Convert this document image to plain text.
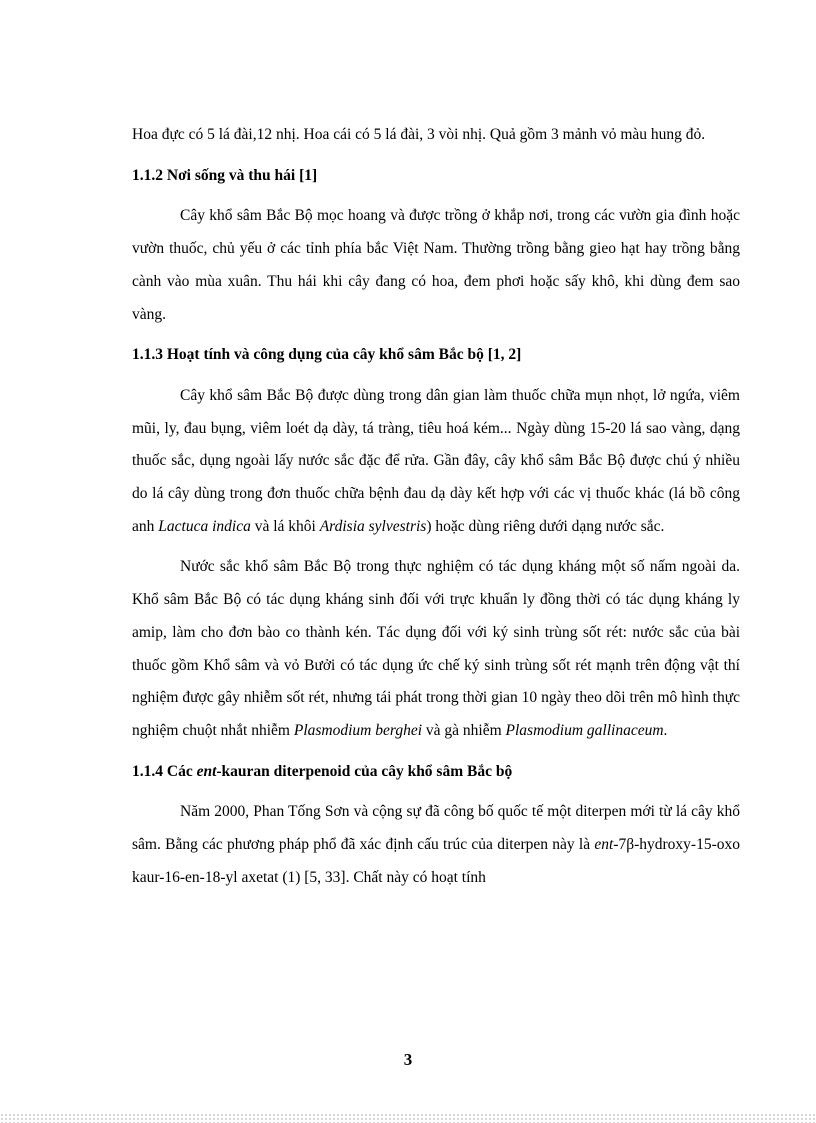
Hoa đực có 5 lá đài,12 nhị. Hoa cái có 5 lá đài, 3 vòi nhị. Quả gồm 3 mảnh vỏ màu hung đỏ.

1.1.2 Nơi sống và thu hái [1]

Cây khổ sâm Bắc Bộ mọc hoang và được trồng ở khắp nơi, trong các vườn gia đình hoặc vườn thuốc, chủ yếu ở các tỉnh phía bắc Việt Nam. Thường trồng bằng gieo hạt hay trồng bằng cành vào mùa xuân. Thu hái khi cây đang có hoa, đem phơi hoặc sấy khô, khi dùng đem sao vàng.

1.1.3 Hoạt tính và công dụng của cây khổ sâm Bắc bộ [1, 2]

Cây khổ sâm Bắc Bộ được dùng trong dân gian làm thuốc chữa mụn nhọt, lở ngứa, viêm mũi, ly, đau bụng, viêm loét dạ dày, tá tràng, tiêu hoá kém... Ngày dùng 15-20 lá sao vàng, dạng thuốc sắc, dụng ngoài lấy nước sắc đặc để rửa. Gần đây, cây khổ sâm Bắc Bộ được chú ý nhiều do lá cây dùng trong đơn thuốc chữa bệnh đau dạ dày kết hợp với các vị thuốc khác (lá bồ công anh Lactuca indica và lá khôi Ardisia sylvestris) hoặc dùng riêng dưới dạng nước sắc.

Nước sắc khổ sâm Bắc Bộ trong thực nghiệm có tác dụng kháng một số nấm ngoài da. Khổ sâm Bắc Bộ có tác dụng kháng sinh đối với trực khuẩn ly đồng thời có tác dụng kháng ly amip, làm cho đơn bào co thành kén. Tác dụng đối với ký sinh trùng sốt rét: nước sắc của bài thuốc gồm Khổ sâm và vỏ Bưởi có tác dụng ức chế ký sinh trùng sốt rét mạnh trên động vật thí nghiệm được gây nhiễm sốt rét, nhưng tái phát trong thời gian 10 ngày theo dõi trên mô hình thực nghiệm chuột nhắt nhiễm Plasmodium berghei và gà nhiễm Plasmodium gallinaceum.

1.1.4 Các ent-kauran diterpenoid của cây khổ sâm Bắc bộ

Năm 2000, Phan Tống Sơn và cộng sự đã công bố quốc tế một diterpen mới từ lá cây khổ sâm. Bằng các phương pháp phổ đã xác định cấu trúc của diterpen này là ent-7β-hydroxy-15-oxo kaur-16-en-18-yl axetat (1) [5, 33]. Chất này có hoạt tính

3
